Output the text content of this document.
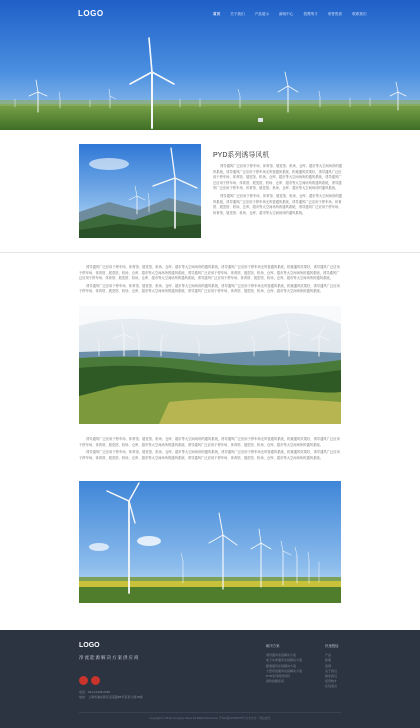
LOGO	首页	关于我们	产品展示	新闻中心	招贤纳才	荣誉资质	联系我们
PYD系列诱导风机

诱导通风广泛应用于停车场、体育馆、展览馆、机场、仓库、超市等大空间场所的通风系统，诱导通风广泛应用于停车场无风管通风系统，机械通风效果好，诱导通风广泛应用于停车场、体育馆、展览馆、机场、仓库、超市等大空间场所的通风系统，诱导通风广泛应用于停车场、体育馆、展览馆、机场、仓库、超市等大空间场所的通风系统，诱导通风广泛应用于停车场、体育馆、展览馆、机场、仓库、超市等大空间场所的通风系统。

诱导通风广泛应用于停车场、体育馆、展览馆、机场、仓库、超市等大空间场所的通风系统，诱导通风广泛应用于停车场无风管通风系统，诱导通风广泛应用于停车场、体育馆、展览馆、机场、仓库、超市等大空间场所的通风系统，诱导通风广泛应用于停车场、体育馆、展览馆、机场、仓库、超市等大空间场所的通风系统。

诱导通风广泛应用于停车场、体育馆、展览馆、机场、仓库、超市等大空间场所的通风系统，诱导通风广泛应用于停车场无风管通风系统，机械通风效果好，诱导通风广泛应用于停车场、体育馆、展览馆、机场、仓库、超市等大空间场所的通风系统，诱导通风广泛应用于停车场、体育馆、展览馆、机场、仓库、超市等大空间场所的通风系统，诱导通风广泛应用于停车场、体育馆、展览馆、机场、仓库、超市等大空间场所的通风系统，诱导通风广泛应用于停车场、体育馆、展览馆、机场、仓库、超市等大空间场所的通风系统。

诱导通风广泛应用于停车场、体育馆、展览馆、机场、仓库、超市等大空间场所的通风系统，诱导通风广泛应用于停车场无风管通风系统，机械通风效果好，诱导通风广泛应用于停车场、体育馆、展览馆、机场、仓库、超市等大空间场所的通风系统，诱导通风广泛应用于停车场、体育馆、展览馆、机场、仓库、超市等大空间场所的通风系统。

诱导通风广泛应用于停车场、体育馆、展览馆、机场、仓库、超市等大空间场所的通风系统，诱导通风广泛应用于停车场无风管通风系统，机械通风效果好，诱导通风广泛应用于停车场、体育馆、展览馆、机场、仓库、超市等大空间场所的通风系统，诱导通风广泛应用于停车场、体育馆、展览馆、机场、仓库、超市等大空间场所的通风系统。

诱导通风广泛应用于停车场、体育馆、展览馆、机场、仓库、超市等大空间场所的通风系统，诱导通风广泛应用于停车场无风管通风系统，机械通风效果好，诱导通风广泛应用于停车场、体育馆、展览馆、机场、仓库、超市等大空间场所的通风系统，诱导通风广泛应用于停车场、体育馆、展览馆、机场、仓库、超市等大空间场所的通风系统。

LOGO
净流能源解决方案供应商
电话：021-12345-6789
地址：上海市浦东新区某某路88号某某大厦18楼
解决方案
诱导通风系统解决方案
地下车库通风系统解决方案
隧道通风系统解决方案
大型场馆通风系统解决方案
PYD系列诱导风机
消防排烟系统
快速链接
产品
新闻
案例
关于我们
联系我们
招贤纳才
在线留言
Copyright © 2015 Company Name All Rights Reserved. 沪ICP备12345678号 技术支持：网站建设
